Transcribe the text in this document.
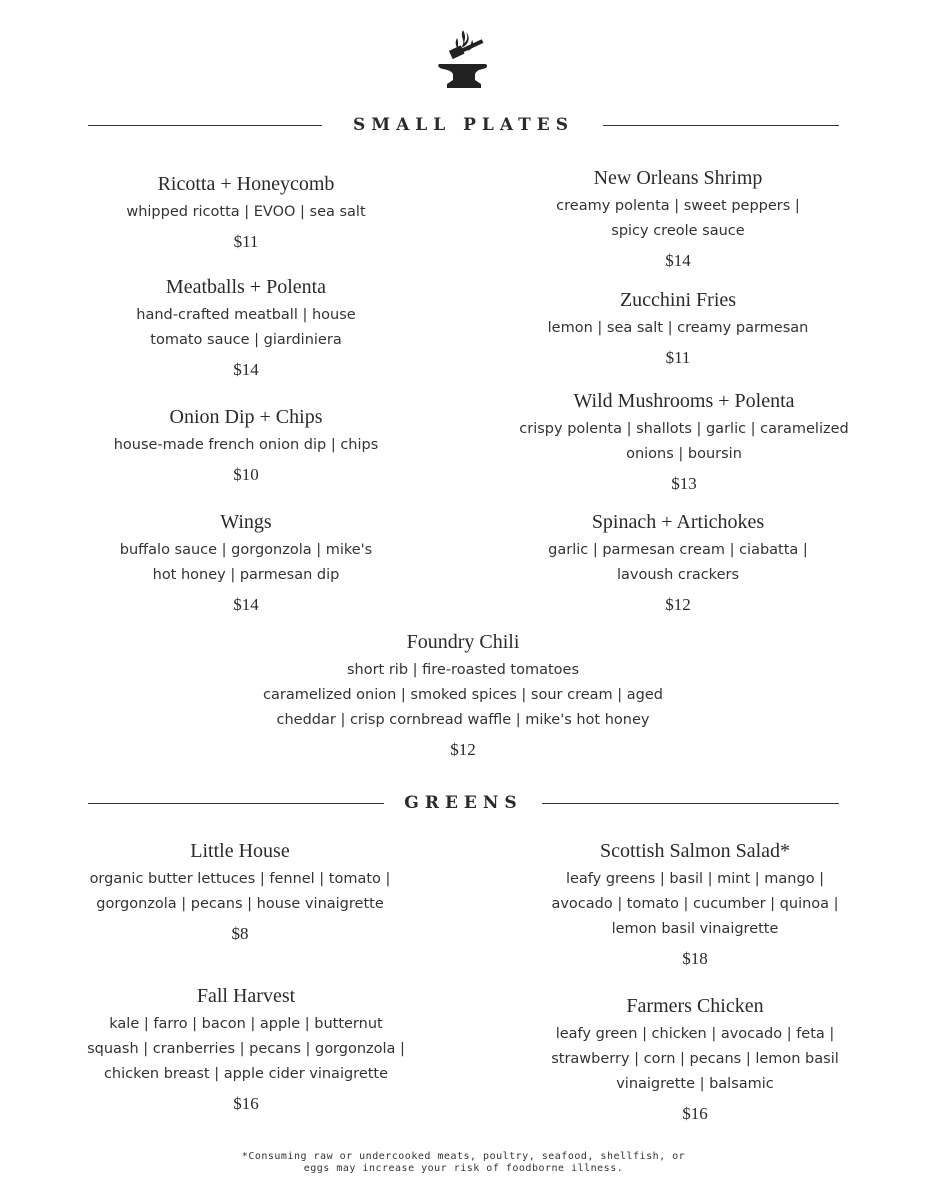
SMALL PLATES
Ricotta + Honeycomb
whipped ricotta | EVOO | sea salt
$11
Meatballs + Polenta
hand-crafted meatball | house
tomato sauce | giardiniera
$14
Onion Dip + Chips
house-made french onion dip | chips
$10
Wings
buffalo sauce | gorgonzola | mike's
hot honey | parmesan dip
$14
New Orleans Shrimp
creamy polenta | sweet peppers |
spicy creole sauce
$14
Zucchini Fries
lemon | sea salt | creamy parmesan
$11
Wild Mushrooms + Polenta
crispy polenta | shallots | garlic | caramelized
onions | boursin
$13
Spinach + Artichokes
garlic | parmesan cream | ciabatta |
lavoush crackers
$12
Foundry Chili
short rib | fire-roasted tomatoes
caramelized onion | smoked spices | sour cream | aged
cheddar | crisp cornbread waffle | mike's hot honey
$12
GREENS
Little House
organic butter lettuces | fennel | tomato |
gorgonzola | pecans | house vinaigrette
$8
Fall Harvest
kale | farro | bacon | apple | butternut
squash | cranberries | pecans | gorgonzola |
chicken breast | apple cider vinaigrette
$16
Scottish Salmon Salad*
leafy greens | basil | mint | mango |
avocado | tomato | cucumber | quinoa |
lemon basil vinaigrette
$18
Farmers Chicken
leafy green | chicken | avocado | feta |
strawberry | corn | pecans | lemon basil
vinaigrette | balsamic
$16
*Consuming raw or undercooked meats, poultry, seafood, shellfish, or
eggs may increase your risk of foodborne illness.
